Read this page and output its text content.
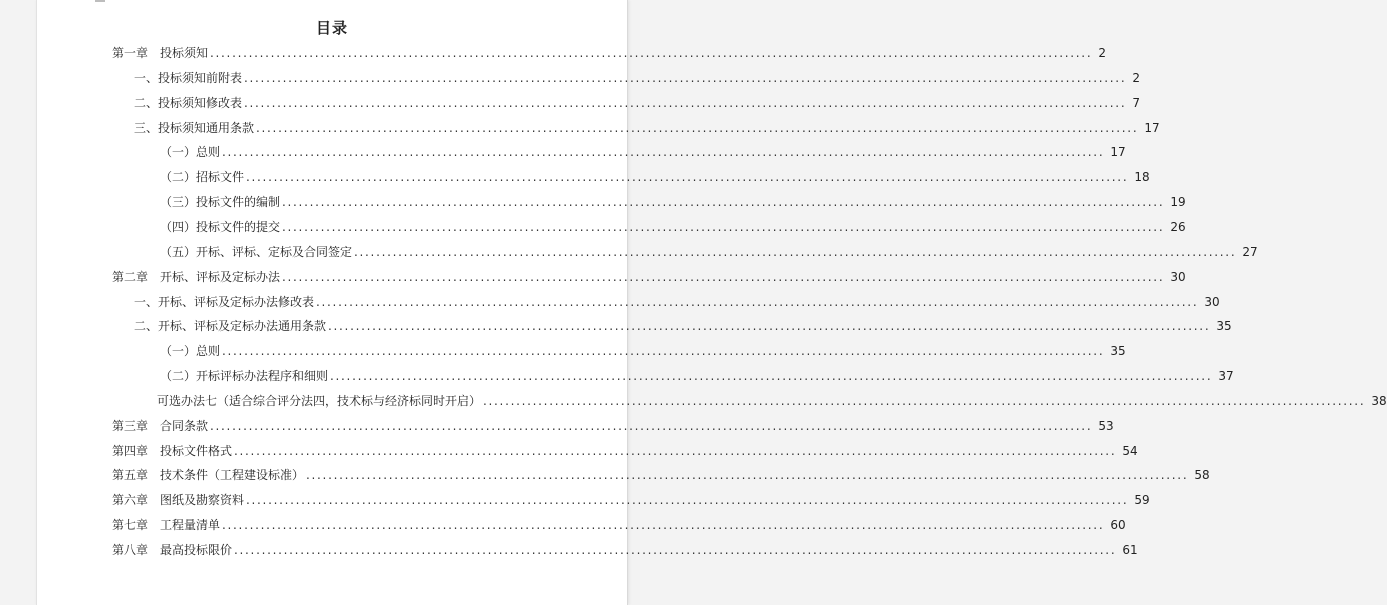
目录
第一章　投标须知 ................................................................................................................................................................ 2
一、投标须知前附表 ................................................................................................................................................................ 2
二、投标须知修改表 ................................................................................................................................................................ 7
三、投标须知通用条款 ................................................................................................................................................................ 17
（一）总则 ................................................................................................................................................................ 17
（二）招标文件 ................................................................................................................................................................ 18
（三）投标文件的编制 ................................................................................................................................................................ 19
（四）投标文件的提交 ................................................................................................................................................................ 26
（五）开标、评标、定标及合同签定 ................................................................................................................................................................ 27
第二章　开标、评标及定标办法 ................................................................................................................................................................ 30
一、开标、评标及定标办法修改表 ................................................................................................................................................................ 30
二、开标、评标及定标办法通用条款 ................................................................................................................................................................ 35
（一）总则 ................................................................................................................................................................ 35
（二）开标评标办法程序和细则 ................................................................................................................................................................ 37
可选办法七（适合综合评分法四，技术标与经济标同时开启） ................................................................................................................................................................ 38
第三章　合同条款 ................................................................................................................................................................ 53
第四章　投标文件格式 ................................................................................................................................................................ 54
第五章　技术条件（工程建设标准） ................................................................................................................................................................ 58
第六章　图纸及勘察资料 ................................................................................................................................................................ 59
第七章　工程量清单 ................................................................................................................................................................ 60
第八章　最高投标限价 ................................................................................................................................................................ 61
